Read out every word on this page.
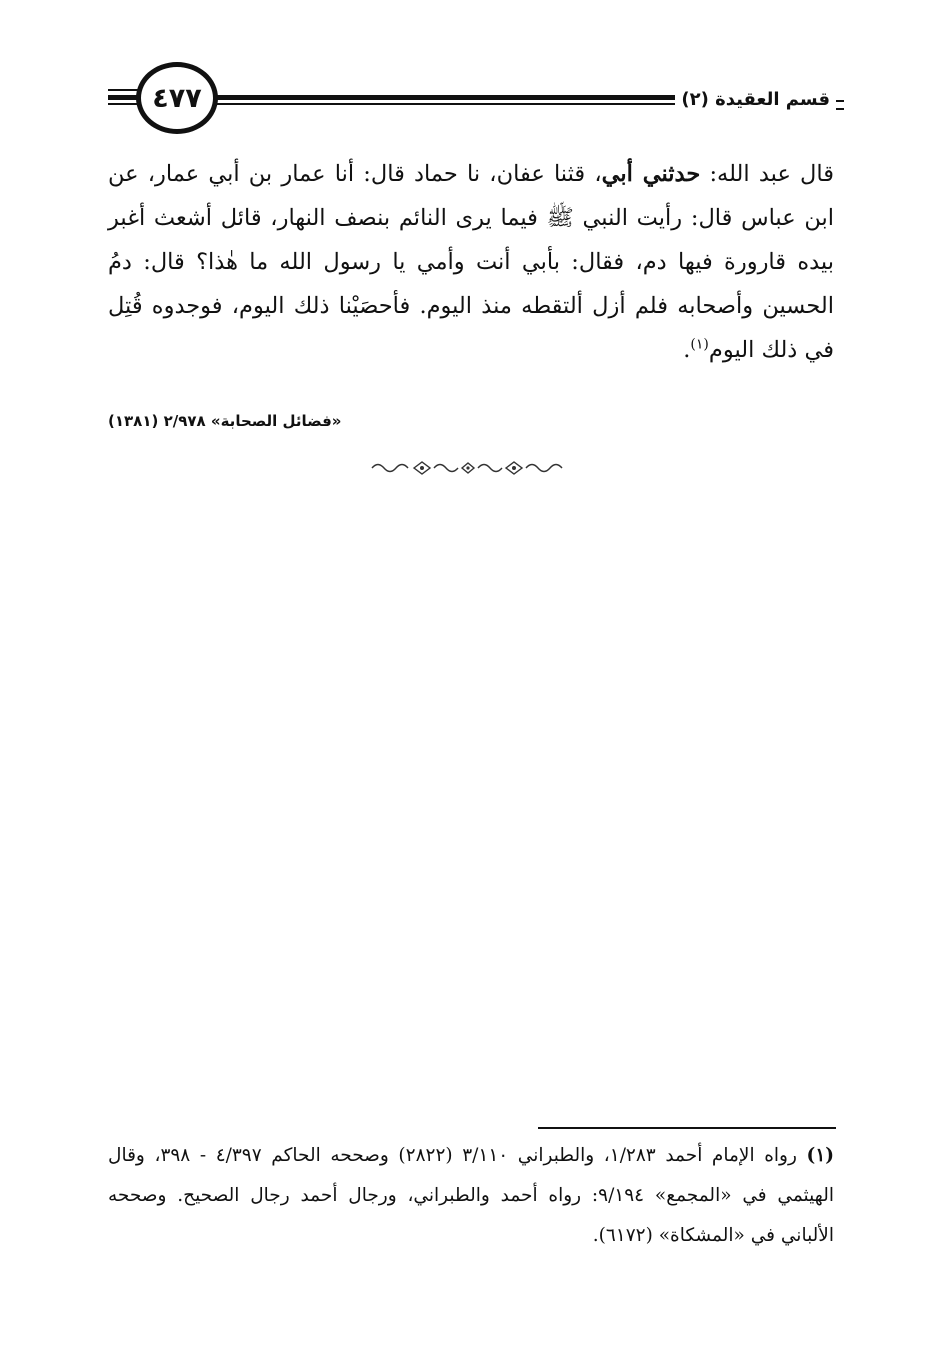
٤٧٧	قسم العقيدة (٢)
قال عبد الله: حدثني أبي، قثنا عفان، نا حماد قال: أنا عمار بن أبي عمار، عن ابن عباس قال: رأيت النبي ﷺ فيما يرى النائم بنصف النهار، قائل أشعث أغبر بيده قارورة فيها دم، فقال: بأبي أنت وأمي يا رسول الله ما هٰذا؟ قال: دمُ الحسين وأصحابه فلم أزل ألتقطه منذ اليوم. فأحصَيْنا ذلك اليوم، فوجدوه قُتِل في ذلك اليوم$^{(١)}$.
«فضائل الصحابة» ٢/٩٧٨ (١٣٨١)
(١) رواه الإمام أحمد ١/٢٨٣، والطبراني ٣/١١٠ (٢٨٢٢) وصححه الحاكم ٤/٣٩٧ - ٣٩٨، وقال الهيثمي في «المجمع» ٩/١٩٤: رواه أحمد والطبراني، ورجال أحمد رجال الصحيح. وصححه الألباني في «المشكاة» (٦١٧٢).
